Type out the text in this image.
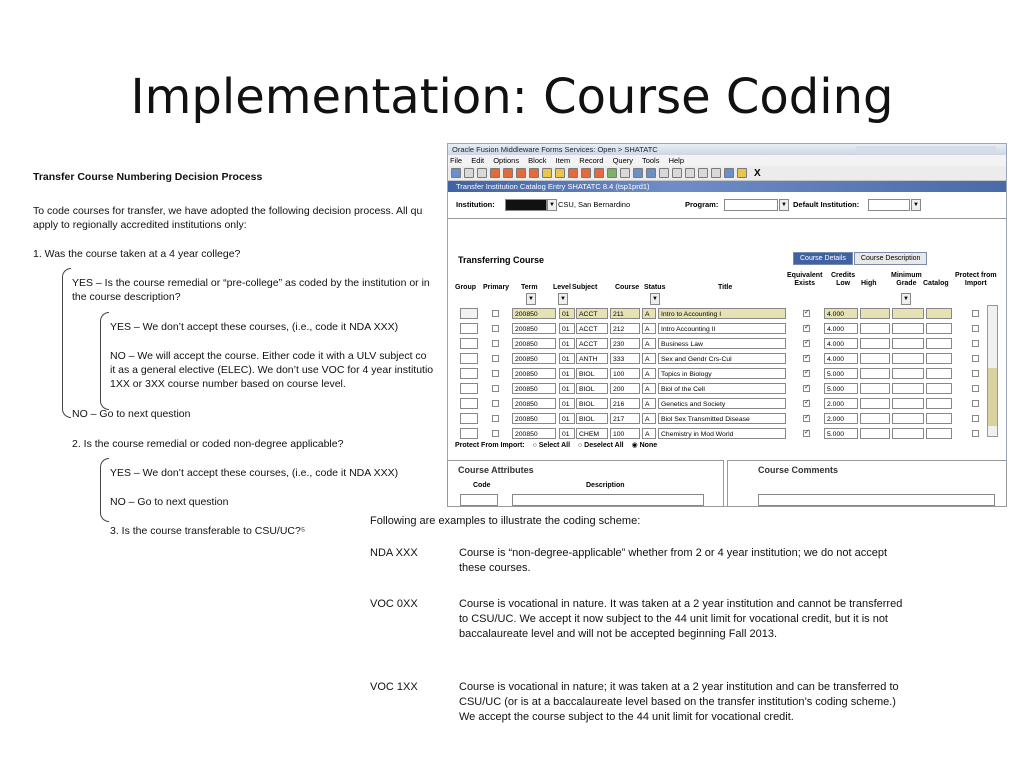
Implementation: Course Coding
Transfer Course Numbering Decision Process
To code courses for transfer, we have adopted the following decision process. All qu
apply to regionally accredited institutions only:
1. Was the course taken at a 4 year college?
YES – Is the course remedial or “pre-college” as coded by the institution or in
the course description?
YES – We don’t accept these courses, (i.e., code it NDA XXX)
NO – We will accept the course. Either code it with a ULV subject co
it as a general elective (ELEC). We don’t use VOC for 4 year institutio
1XX or 3XX course number based on course level.
NO – Go to next question
2. Is the course remedial or coded non-degree applicable?
YES – We don’t accept these courses, (i.e., code it NDA XXX)
NO – Go to next question
3. Is the course transferable to CSU/UC?⁵
Oracle Fusion Middleware Forms Services: Open > SHATATC
File Edit Options Block Item Record Query Tools Help
X
Transfer Institution Catalog Entry SHATATC 8.4 (tsp1prd1)
Institution:	▼ CSU, San Bernardino	Program:	▼ Default Institution:	▼
Transferring Course	Course Details	Course Description
Group Primary Term Level Subject	Course Status	Title
Equivalent
Exists
Credits
Low	High
Minimum
Grade Catalog
Protect from
Import
▼	▼	▼	▼
200850	01	ACCT	211	A	Intro to Accounting I ✓	4.000
200850	01	ACCT	212	A	Intro Accounting II ✓	4.000
200850	01	ACCT	230	A	Business Law ✓	4.000
200850	01	ANTH	333	A	Sex and Gendr Crs-Cul ✓	4.000
200850	01	BIOL	100	A	Topics in Biology ✓	5.000
200850	01	BIOL	200	A	Biol of the Cell ✓	5.000
200850	01	BIOL	216	A	Genetics and Society ✓	2.000
200850	01	BIOL	217	A	Biol Sex Transmitted Disease ✓	2.000
200850	01	CHEM	100	A	Chemistry in Mod World ✓	5.000
Protect From Import: ○ Select All ○ Deselect All ◉ None
Course Attributes
Code	Description
Course Comments
Following are examples to illustrate the coding scheme:
NDA XXX	Course is “non-degree-applicable” whether from 2 or 4 year institution; we do not accept these courses.
VOC 0XX	Course is vocational in nature. It was taken at a 2 year institution and cannot be transferred to CSU/UC. We accept it now subject to the 44 unit limit for vocational credit, but it is not baccalaureate level and will not be accepted beginning Fall 2013.
VOC 1XX	Course is vocational in nature; it was taken at a 2 year institution and can be transferred to CSU/UC (or is at a baccalaureate level based on the transfer institution’s coding scheme.) We accept the course subject to the 44 unit limit for vocational credit.
